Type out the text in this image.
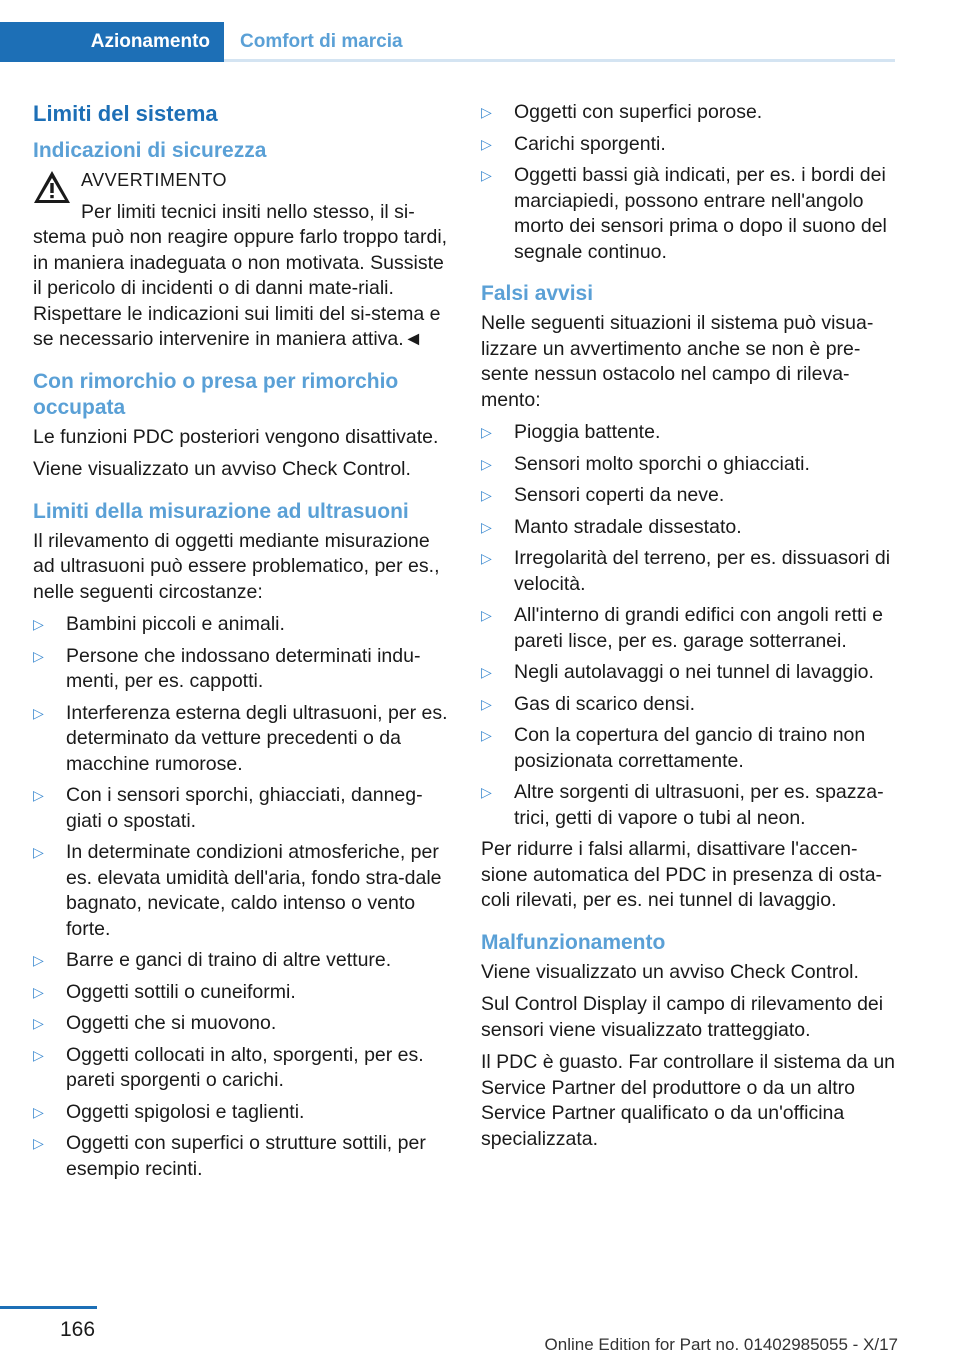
Azionamento	Comfort di marcia
Limiti del sistema
Indicazioni di sicurezza
AVVERTIMENTO

Per limiti tecnici insiti nello stesso, il si-stema può non reagire oppure farlo troppo tardi, in maniera inadeguata o non motivata. Sussiste il pericolo di incidenti o di danni mate-riali. Rispettare le indicazioni sui limiti del si-stema e se necessario intervenire in maniera attiva.◄

Con rimorchio o presa per rimorchio occupata

Le funzioni PDC posteriori vengono disattivate.

Viene visualizzato un avviso Check Control.

Limiti della misurazione ad ultrasuoni

Il rilevamento di oggetti mediante misurazione ad ultrasuoni può essere problematico, per es., nelle seguenti circostanze:

▷ Bambini piccoli e animali.
▷ Persone che indossano determinati indu-menti, per es. cappotti.
▷ Interferenza esterna degli ultrasuoni, per es. determinato da vetture precedenti o da macchine rumorose.
▷ Con i sensori sporchi, ghiacciati, danneg-giati o spostati.
▷ In determinate condizioni atmosferiche, per es. elevata umidità dell'aria, fondo stra-dale bagnato, nevicate, caldo intenso o vento forte.
▷ Barre e ganci di traino di altre vetture.
▷ Oggetti sottili o cuneiformi.
▷ Oggetti che si muovono.
▷ Oggetti collocati in alto, sporgenti, per es. pareti sporgenti o carichi.
▷ Oggetti spigolosi e taglienti.
▷ Oggetti con superfici o strutture sottili, per esempio recinti.
▷ Oggetti con superfici porose.
▷ Carichi sporgenti.
▷ Oggetti bassi già indicati, per es. i bordi dei marciapiedi, possono entrare nell'angolo morto dei sensori prima o dopo il suono del segnale continuo.
Falsi avvisi

Nelle seguenti situazioni il sistema può visua-lizzare un avvertimento anche se non è pre-sente nessun ostacolo nel campo di rileva-mento:

▷ Pioggia battente.
▷ Sensori molto sporchi o ghiacciati.
▷ Sensori coperti da neve.
▷ Manto stradale dissestato.
▷ Irregolarità del terreno, per es. dissuasori di velocità.
▷ All'interno di grandi edifici con angoli retti e pareti lisce, per es. garage sotterranei.
▷ Negli autolavaggi o nei tunnel di lavaggio.
▷ Gas di scarico densi.
▷ Con la copertura del gancio di traino non posizionata correttamente.
▷ Altre sorgenti di ultrasuoni, per es. spazza-trici, getti di vapore o tubi al neon.

Per ridurre i falsi allarmi, disattivare l'accen-sione automatica del PDC in presenza di osta-coli rilevati, per es. nei tunnel di lavaggio.

Malfunzionamento

Viene visualizzato un avviso Check Control.

Sul Control Display il campo di rilevamento dei sensori viene visualizzato tratteggiato.

Il PDC è guasto. Far controllare il sistema da un Service Partner del produttore o da un altro Service Partner qualificato o da un'officina specializzata.

166
Online Edition for Part no. 01402985055 - X/17
